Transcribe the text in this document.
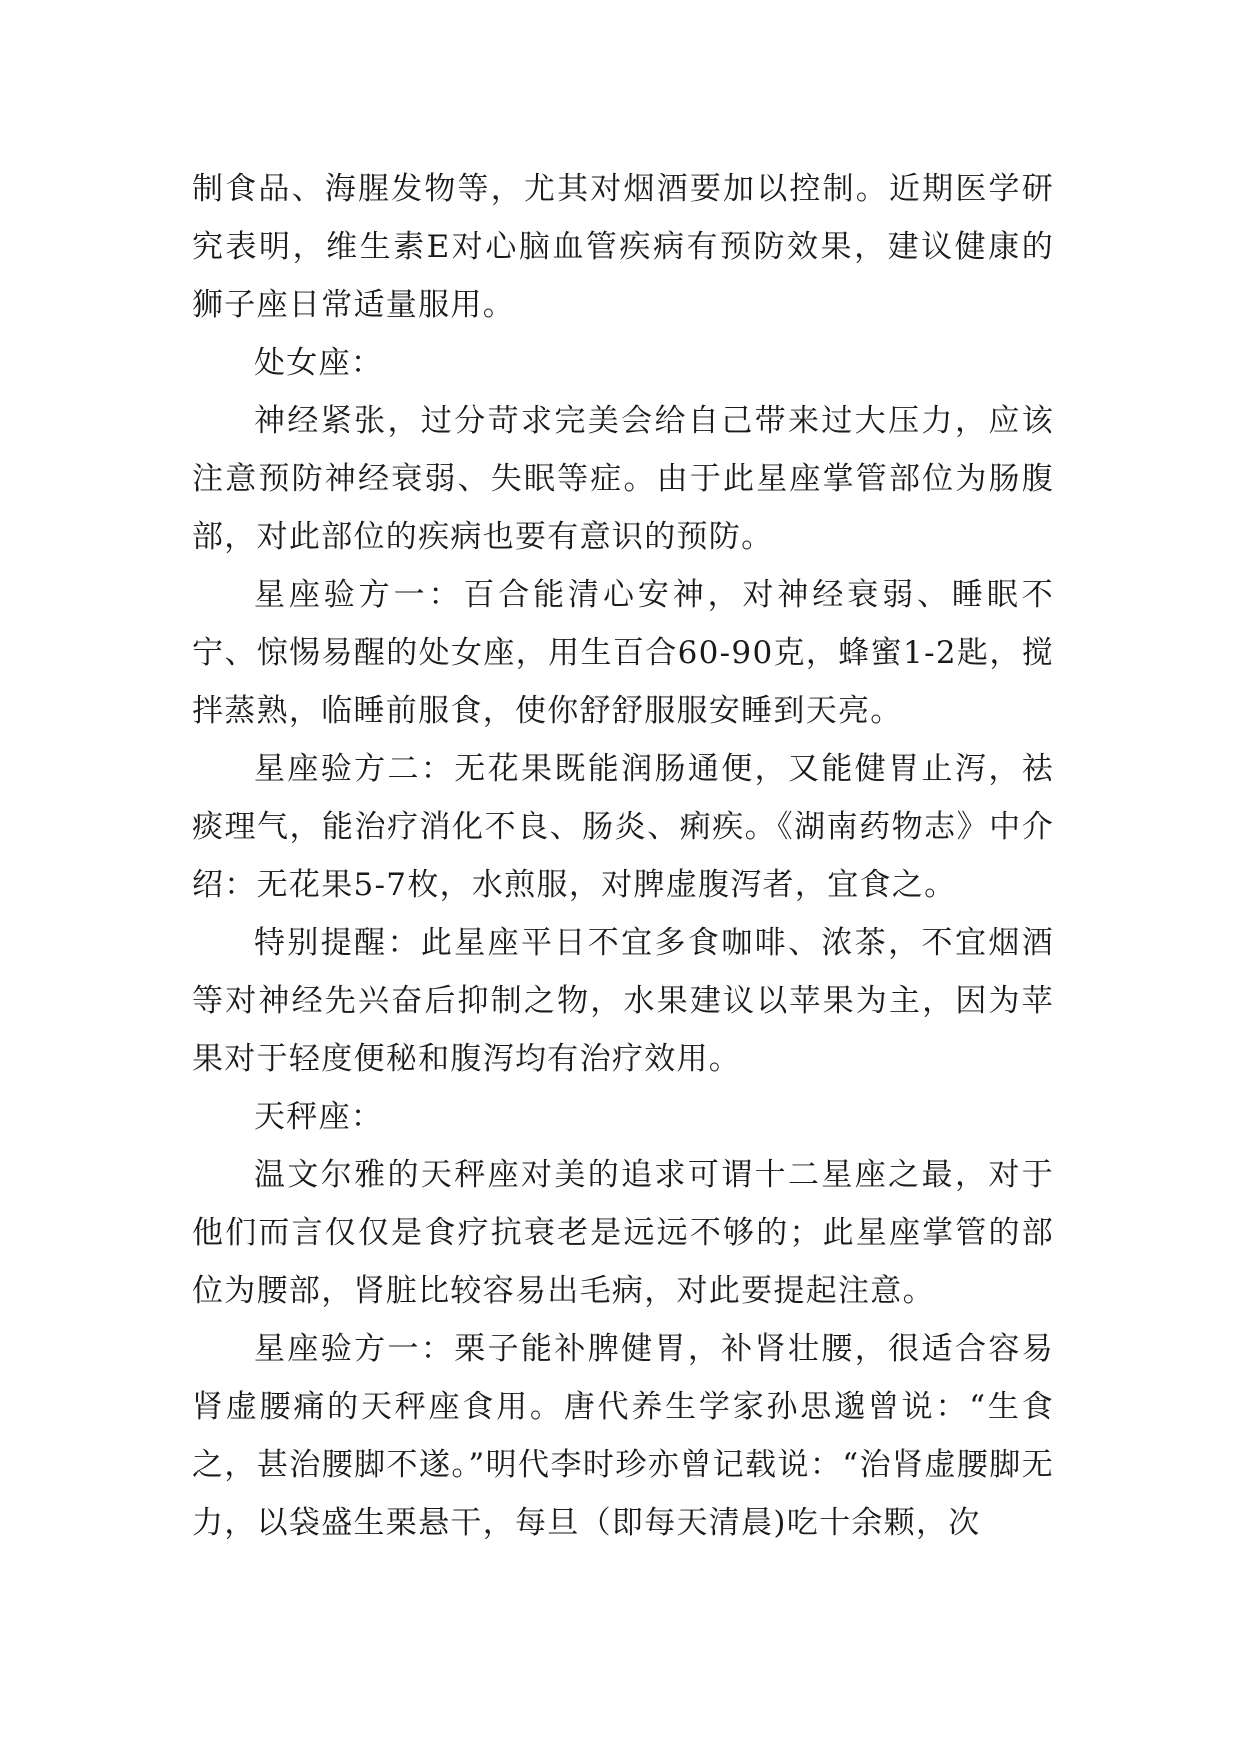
制食品、海腥发物等，尤其对烟酒要加以控制。近期医学研究表明，维生素E对心脑血管疾病有预防效果，建议健康的狮子座日常适量服用。

处女座：

神经紧张，过分苛求完美会给自己带来过大压力，应该注意预防神经衰弱、失眠等症。由于此星座掌管部位为肠腹部，对此部位的疾病也要有意识的预防。

星座验方一：百合能清心安神，对神经衰弱、睡眠不宁、惊惕易醒的处女座，用生百合60-90克，蜂蜜1-2匙，搅拌蒸熟，临睡前服食，使你舒舒服服安睡到天亮。

星座验方二：无花果既能润肠通便，又能健胃止泻，祛痰理气，能治疗消化不良、肠炎、痢疾。《湖南药物志》中介绍：无花果5-7枚，水煎服，对脾虚腹泻者，宜食之。

特别提醒：此星座平日不宜多食咖啡、浓茶，不宜烟酒等对神经先兴奋后抑制之物，水果建议以苹果为主，因为苹果对于轻度便秘和腹泻均有治疗效用。

天秤座：

温文尔雅的天秤座对美的追求可谓十二星座之最，对于他们而言仅仅是食疗抗衰老是远远不够的；此星座掌管的部位为腰部，肾脏比较容易出毛病，对此要提起注意。

星座验方一：栗子能补脾健胃，补肾壮腰，很适合容易肾虚腰痛的天秤座食用。唐代养生学家孙思邈曾说：“生食之，甚治腰脚不遂。”明代李时珍亦曾记载说：“治肾虚腰脚无力，以袋盛生栗悬干，每旦（即每天清晨)吃十余颗，次
